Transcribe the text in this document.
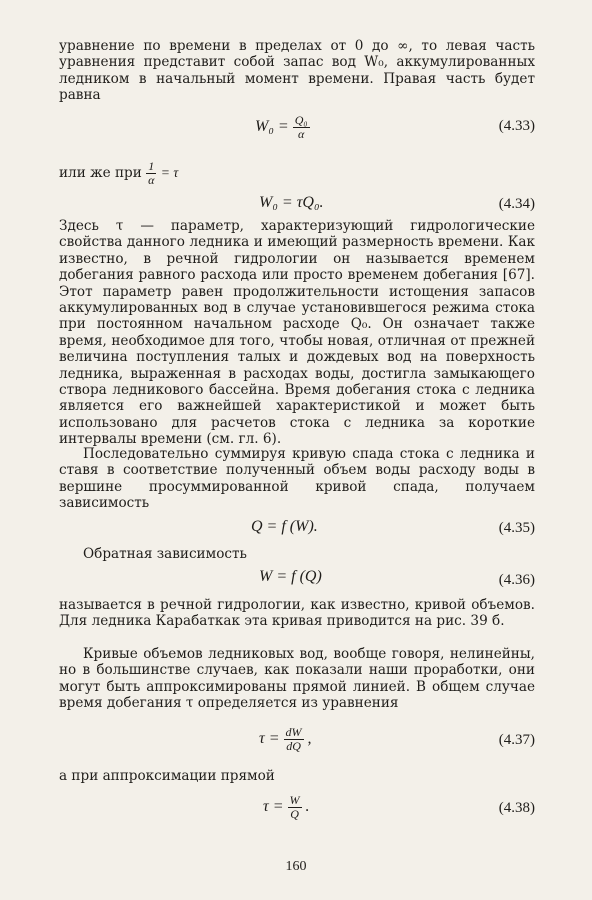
уравнение по времени в пределах от 0 до ∞, то левая часть уравнения представит собой запас вод W₀, аккумулированных ледником в начальный момент времени. Правая часть будет равна

$W_0 = \frac{\text{Q₀}}{\alpha}$	(4.33)
или же при $\frac{1}{\alpha} = \tau$
W₀ = τQ₀.	(4.34)

Здесь τ — параметр, характеризующий гидрологические свойства данного ледника и имеющий размерность времени. Как известно, в речной гидрологии он называется временем добегания равного расхода или просто временем добегания [67]. Этот параметр равен продолжительности истощения запасов аккумулированных вод в случае установившегося режима стока при постоянном начальном расходе Q₀. Он означает также время, необходимое для того, чтобы новая, отличная от прежней величина поступления талых и дождевых вод на поверхность ледника, выраженная в расходах воды, достигла замыкающего створа ледникового бассейна. Время добегания стока с ледника является его важнейшей характеристикой и может быть использовано для расчетов стока с ледника за короткие интервалы времени (см. гл. 6).

Последовательно суммируя кривую спада стока с ледника и ставя в соответствие полученный объем воды расходу воды в вершине просуммированной кривой спада, получаем зависимость

Q = f (W).	(4.35)

Обратная зависимость

W = f (Q)	(4.36)

называется в речной гидрологии, как известно, кривой объемов. Для ледника Карабаткак эта кривая приводится на рис. 39 б.

Кривые объемов ледниковых вод, вообще говоря, нелинейны, но в большинстве случаев, как показали наши проработки, они могут быть аппроксимированы прямой линией. В общем случае время добегания τ определяется из уравнения

$\tau = \frac{dW}{dQ}$ ,	(4.37)

а при аппроксимации прямой

$\tau = \frac{W}{Q}$ .	(4.38)
160
